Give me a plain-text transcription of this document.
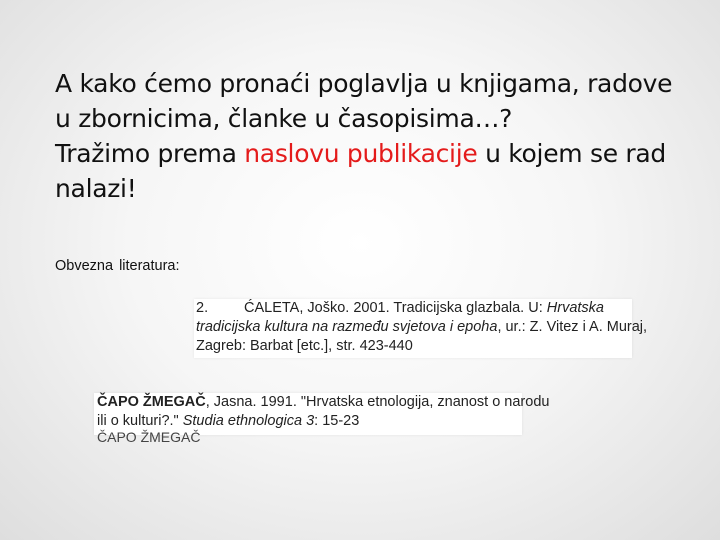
A kako ćemo pronaći poglavlja u knjigama, radove
u zbornicima, članke u časopisima…?
Tražimo prema naslovu publikacije u kojem se rad
nalazi!
Obvezna literatura:
2. ĆALETA, Joško. 2001. Tradicijska glazbala. U: Hrvatska
tradicijska kultura na razmeđu svjetova i epoha, ur.: Z. Vitez i A. Muraj,
Zagreb: Barbat [etc.], str. 423-440
ČAPO ŽMEGAČ, Jasna. 1991. "Hrvatska etnologija, znanost o narodu
ili o kulturi?." Studia ethnologica 3: 15-23
ČAPO ŽMEGAČ
